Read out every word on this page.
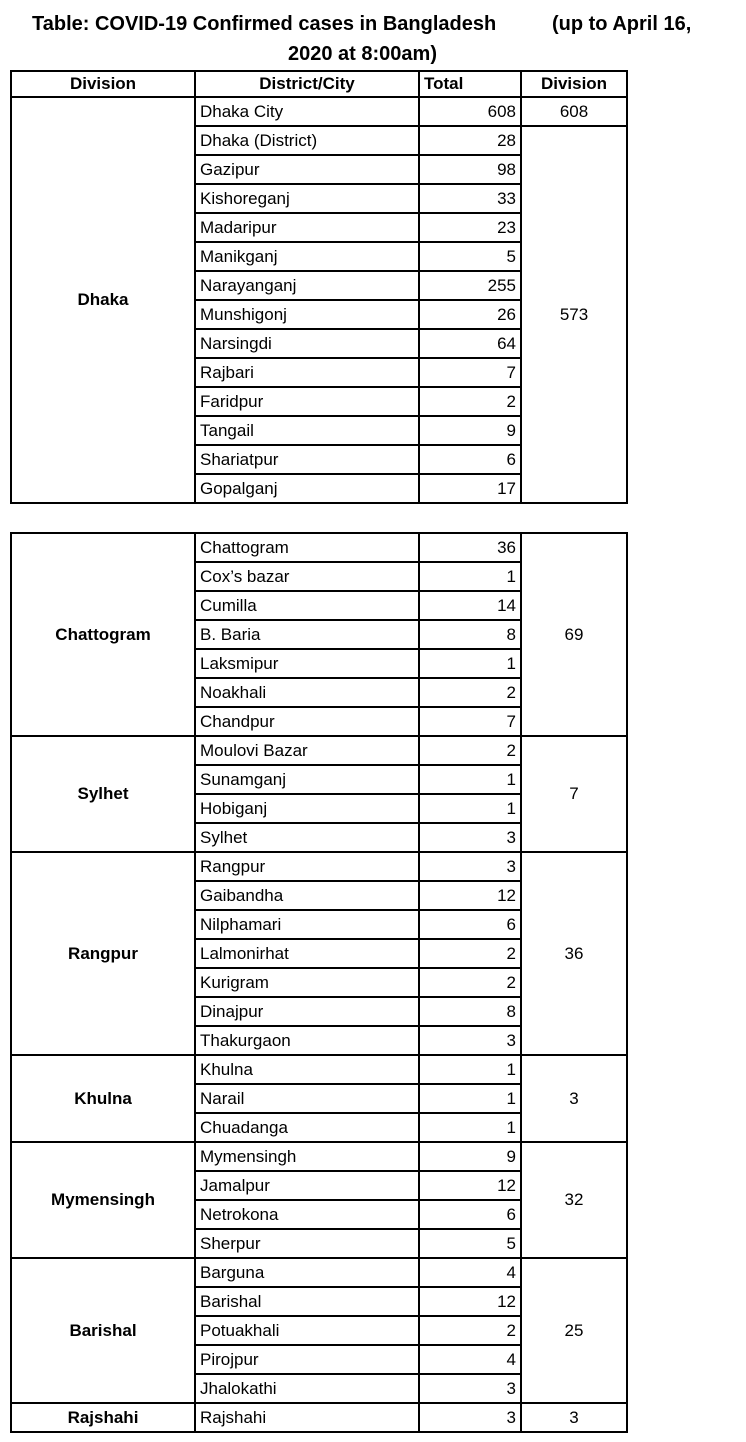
Table: COVID-19 Confirmed cases in Bangladesh	(up to April 16,
2020 at 8:00am)
Division	District/City	Total	Division
Dhaka	Dhaka City	608	608
	Dhaka (District)	28	573
	Gazipur	98	
	Kishoreganj	33	
	Madaripur	23	
	Manikganj	5	
	Narayanganj	255	
	Munshigonj	26	
	Narsingdi	64	
	Rajbari	7	
	Faridpur	2	
	Tangail	9	
	Shariatpur	6	
	Gopalganj	17	
Chattogram	Chattogram	36	69
	Cox’s bazar	1	
	Cumilla	14	
	B. Baria	8	
	Laksmipur	1	
	Noakhali	2	
	Chandpur	7	
Sylhet	Moulovi Bazar	2	7
	Sunamganj	1	
	Hobiganj	1	
	Sylhet	3	
Rangpur	Rangpur	3	36
	Gaibandha	12	
	Nilphamari	6	
	Lalmonirhat	2	
	Kurigram	2	
	Dinajpur	8	
	Thakurgaon	3	
Khulna	Khulna	1	3
	Narail	1	
	Chuadanga	1	
Mymensingh	Mymensingh	9	32
	Jamalpur	12	
	Netrokona	6	
	Sherpur	5	
Barishal	Barguna	4	25
	Barishal	12	
	Potuakhali	2	
	Pirojpur	4	
	Jhalokathi	3	
Rajshahi	Rajshahi	3	3
